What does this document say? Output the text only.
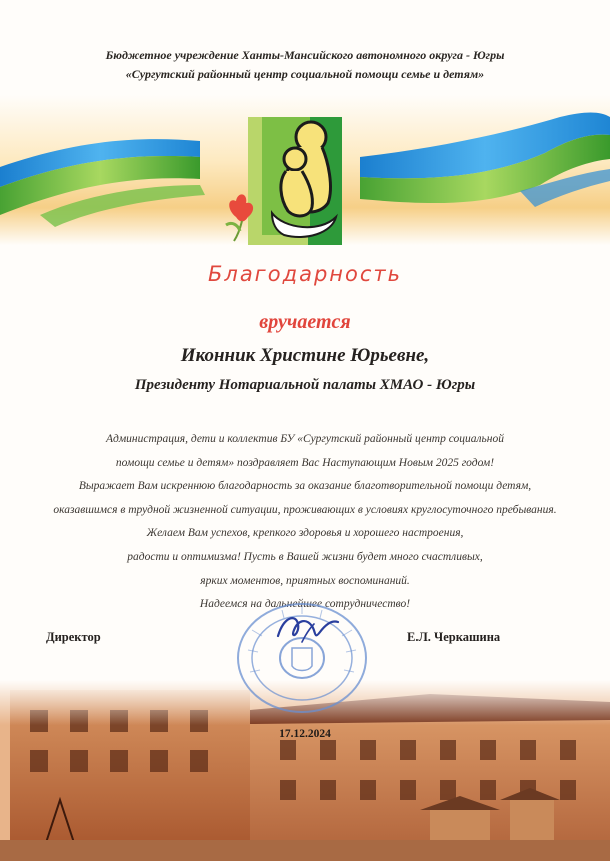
Бюджетное учреждение Ханты-Мансийского автономного округа - Югры
«Сургутский районный центр социальной помощи семье и детям»
Благодарность
вручается
Иконник Христине Юрьевне,
Президенту Нотариальной палаты ХМАО - Югры
Администрация, дети и коллектив БУ «Сургутский районный центр социальной
помощи семье и детям» поздравляет Вас Наступающим Новым 2025 годом!
Выражает Вам искреннюю благодарность за оказание благотворительной помощи детям,
оказавшимся в трудной жизненной ситуации, проживающих в условиях круглосуточного пребывания.
Желаем Вам успехов, крепкого здоровья и хорошего настроения,
радости и оптимизма! Пусть в Вашей жизни будет много счастливых,
ярких моментов, приятных воспоминаний.
Надеемся на дальнейшее сотрудничество!
Директор	Е.Л. Черкашина
17.12.2024
